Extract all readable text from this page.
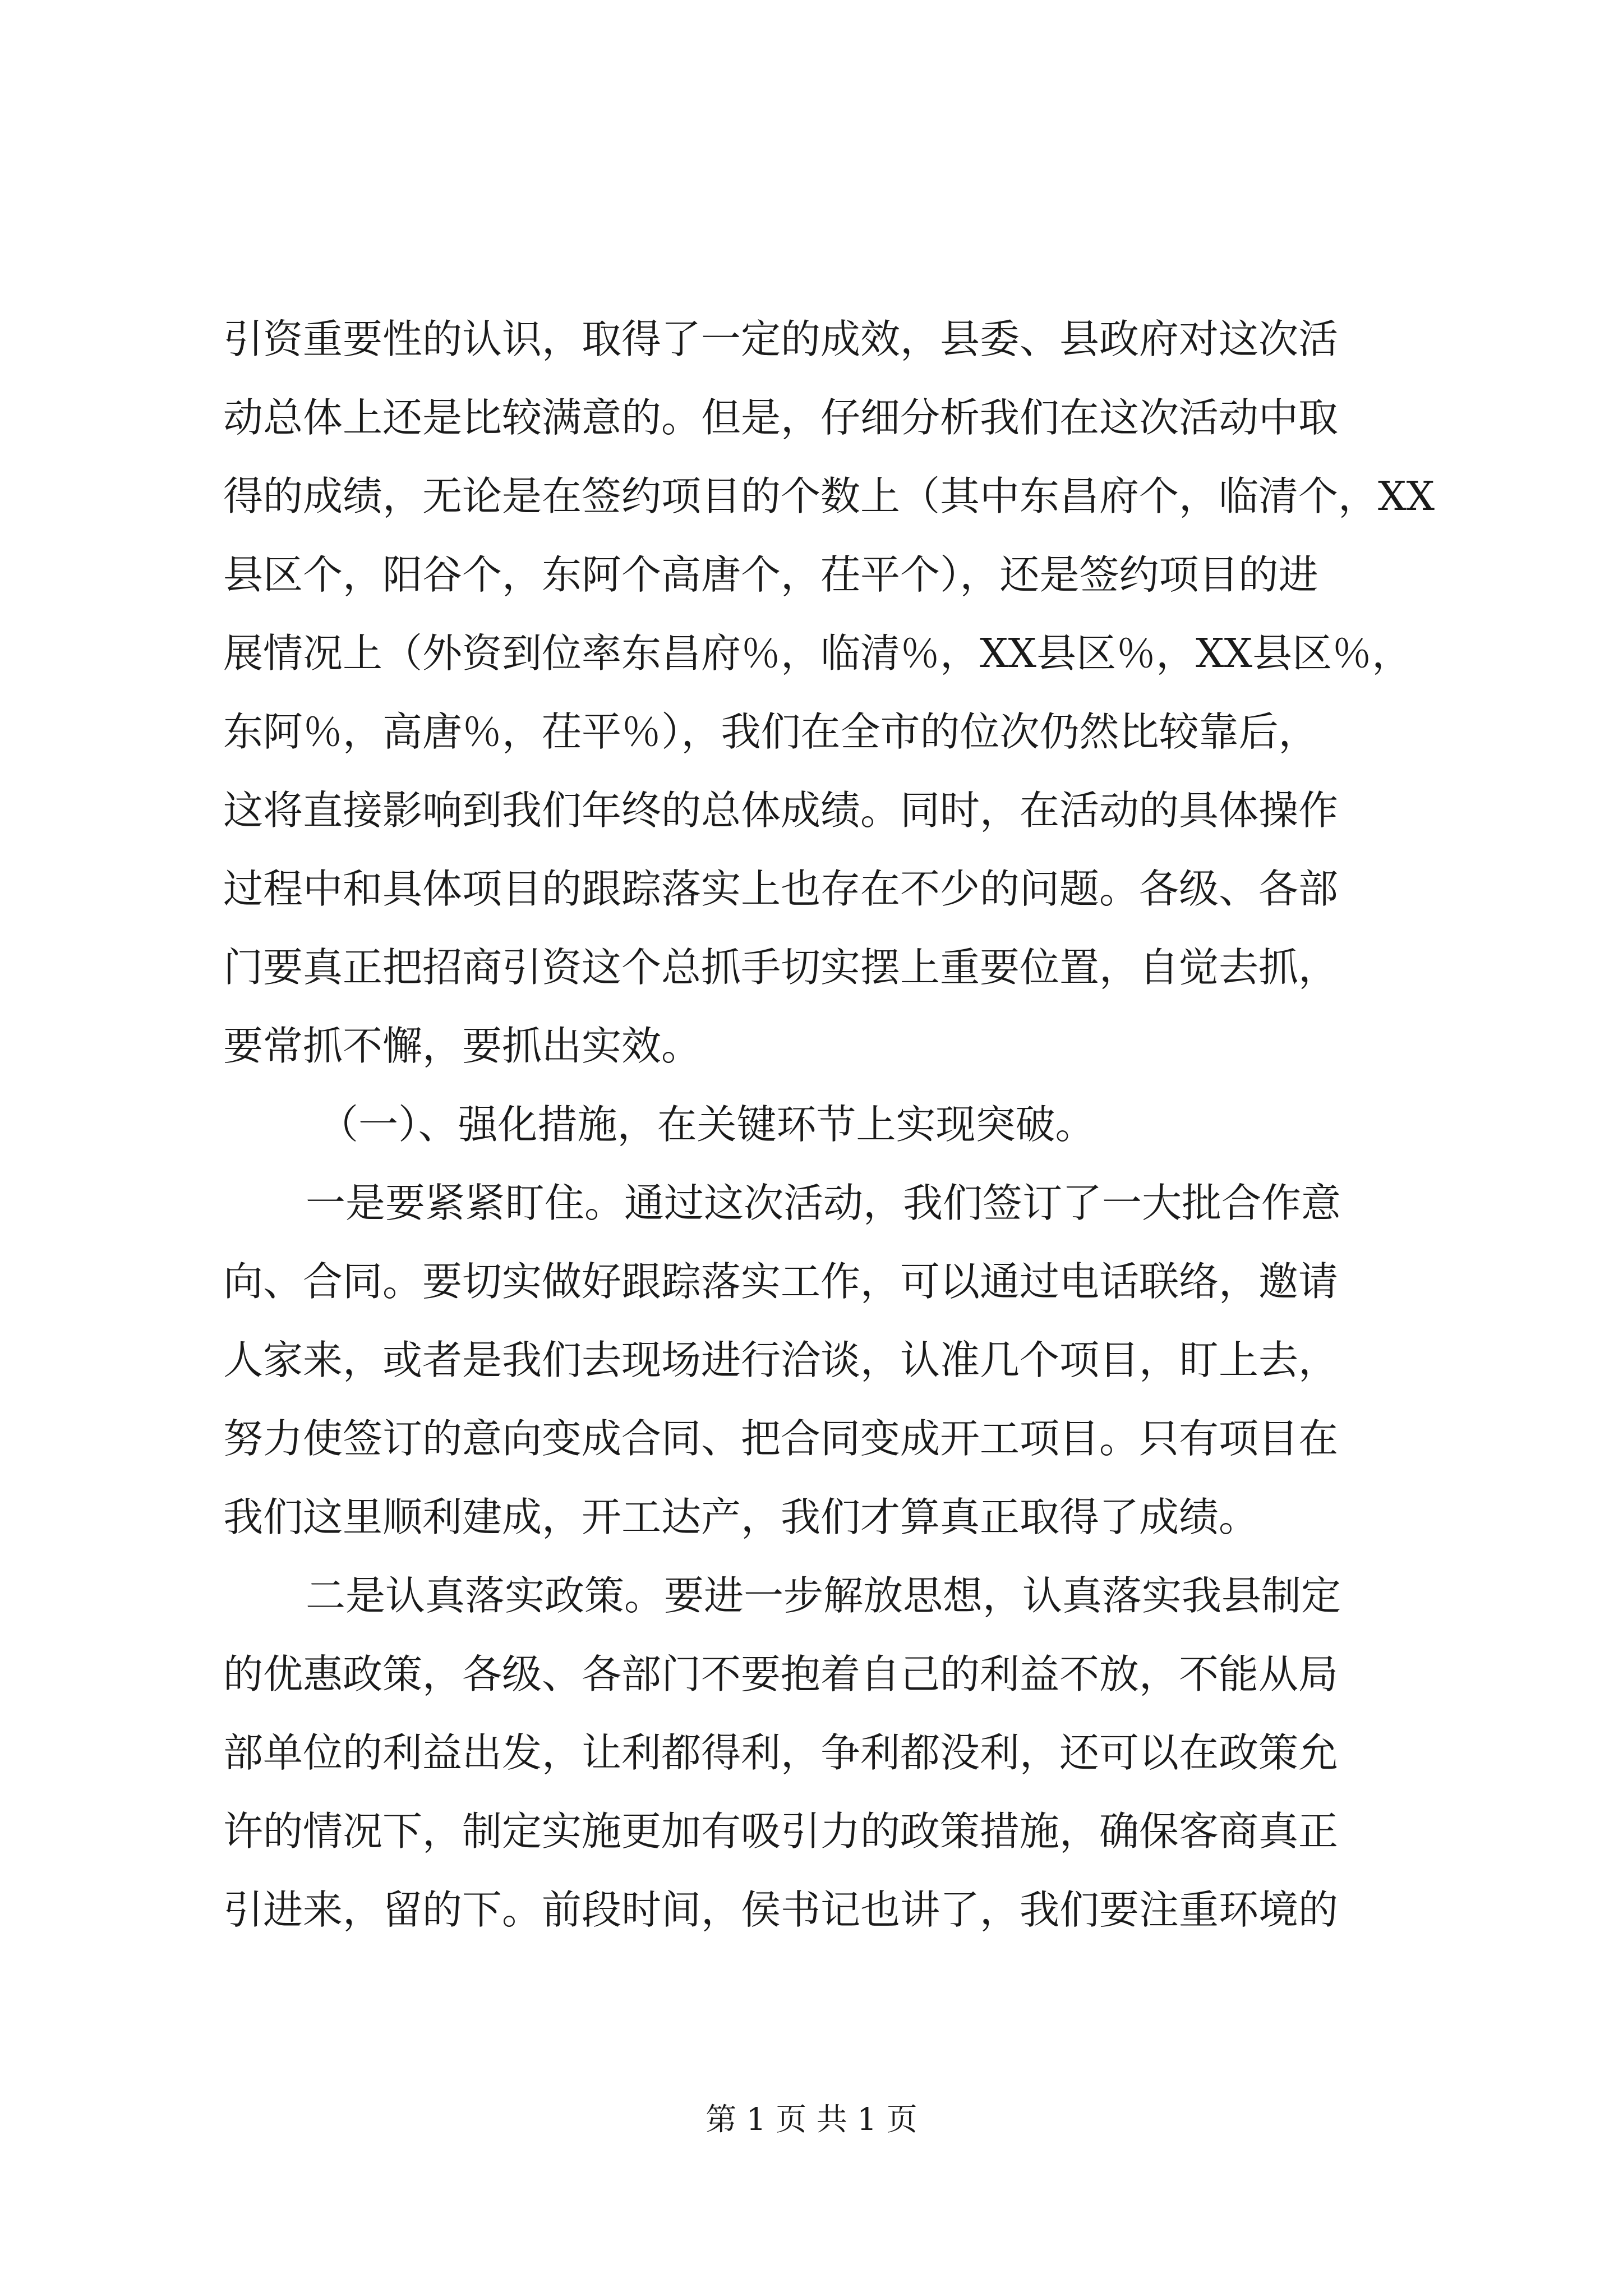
引资重要性的认识，取得了一定的成效，县委、县政府对这次活
动总体上还是比较满意的。但是，仔细分析我们在这次活动中取
得的成绩，无论是在签约项目的个数上（其中东昌府个，临清个，XX
县区个，阳谷个，东阿个高唐个，茌平个），还是签约项目的进
展情况上（外资到位率东昌府％，临清％，XX县区％，XX县区％，
东阿％，高唐％，茌平％），我们在全市的位次仍然比较靠后，
这将直接影响到我们年终的总体成绩。同时，在活动的具体操作
过程中和具体项目的跟踪落实上也存在不少的问题。各级、各部
门要真正把招商引资这个总抓手切实摆上重要位置，自觉去抓，
要常抓不懈，要抓出实效。
（一）、强化措施，在关键环节上实现突破。
一是要紧紧盯住。通过这次活动，我们签订了一大批合作意
向、合同。要切实做好跟踪落实工作，可以通过电话联络，邀请
人家来，或者是我们去现场进行洽谈，认准几个项目，盯上去，
努力使签订的意向变成合同、把合同变成开工项目。只有项目在
我们这里顺利建成，开工达产，我们才算真正取得了成绩。
二是认真落实政策。要进一步解放思想，认真落实我县制定
的优惠政策，各级、各部门不要抱着自己的利益不放，不能从局
部单位的利益出发，让利都得利，争利都没利，还可以在政策允
许的情况下，制定实施更加有吸引力的政策措施，确保客商真正
引进来，留的下。前段时间，侯书记也讲了，我们要注重环境的
第 1 页 共 1 页
